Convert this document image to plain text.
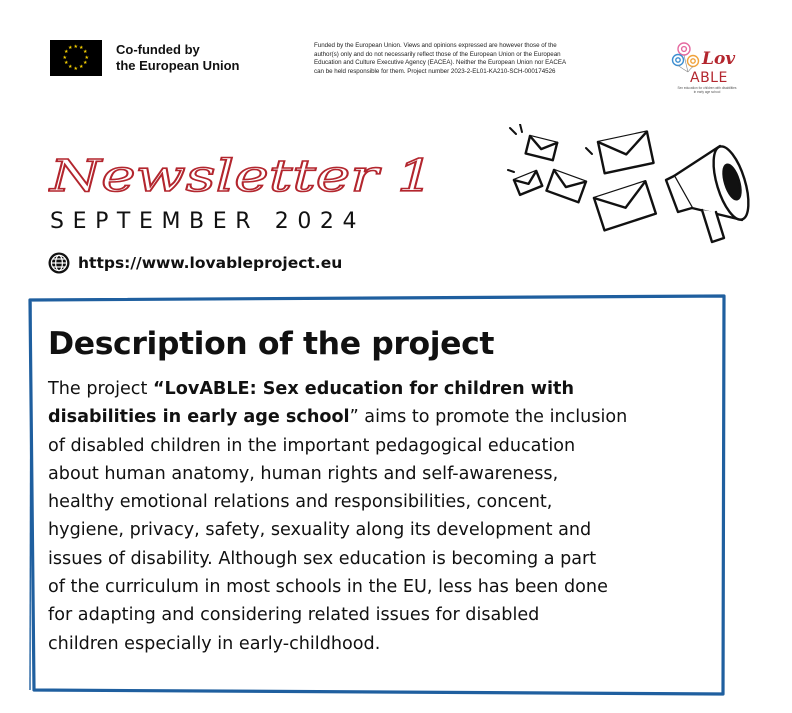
★
★
★
★
★
★
★
★
★ ★ ★
★ Co-funded by
the European Union
Funded by the European Union. Views and opinions expressed are however those of the
author(s) only and do not necessarily reflect those of the European Union or the European
Education and Culture Executive Agency (EACEA). Neither the European Union nor EACEA
can be held responsible for them. Project number 2023-2-EL01-KA210-SCH-000174526
Lov
ABLE
Sex education for children with disabilities in early age school
Newsletter 1
SEPTEMBER 2024
https://www.lovableproject.eu
Description of the project
The project “LovABLE: Sex education for children with
disabilities in early age school” aims to promote the inclusion
of disabled children in the important pedagogical education
about human anatomy, human rights and self-awareness,
healthy emotional relations and responsibilities, concent,
hygiene, privacy, safety, sexuality along its development and
issues of disability. Although sex education is becoming a part
of the curriculum in most schools in the EU, less has been done
for adapting and considering related issues for disabled
children especially in early-childhood.
